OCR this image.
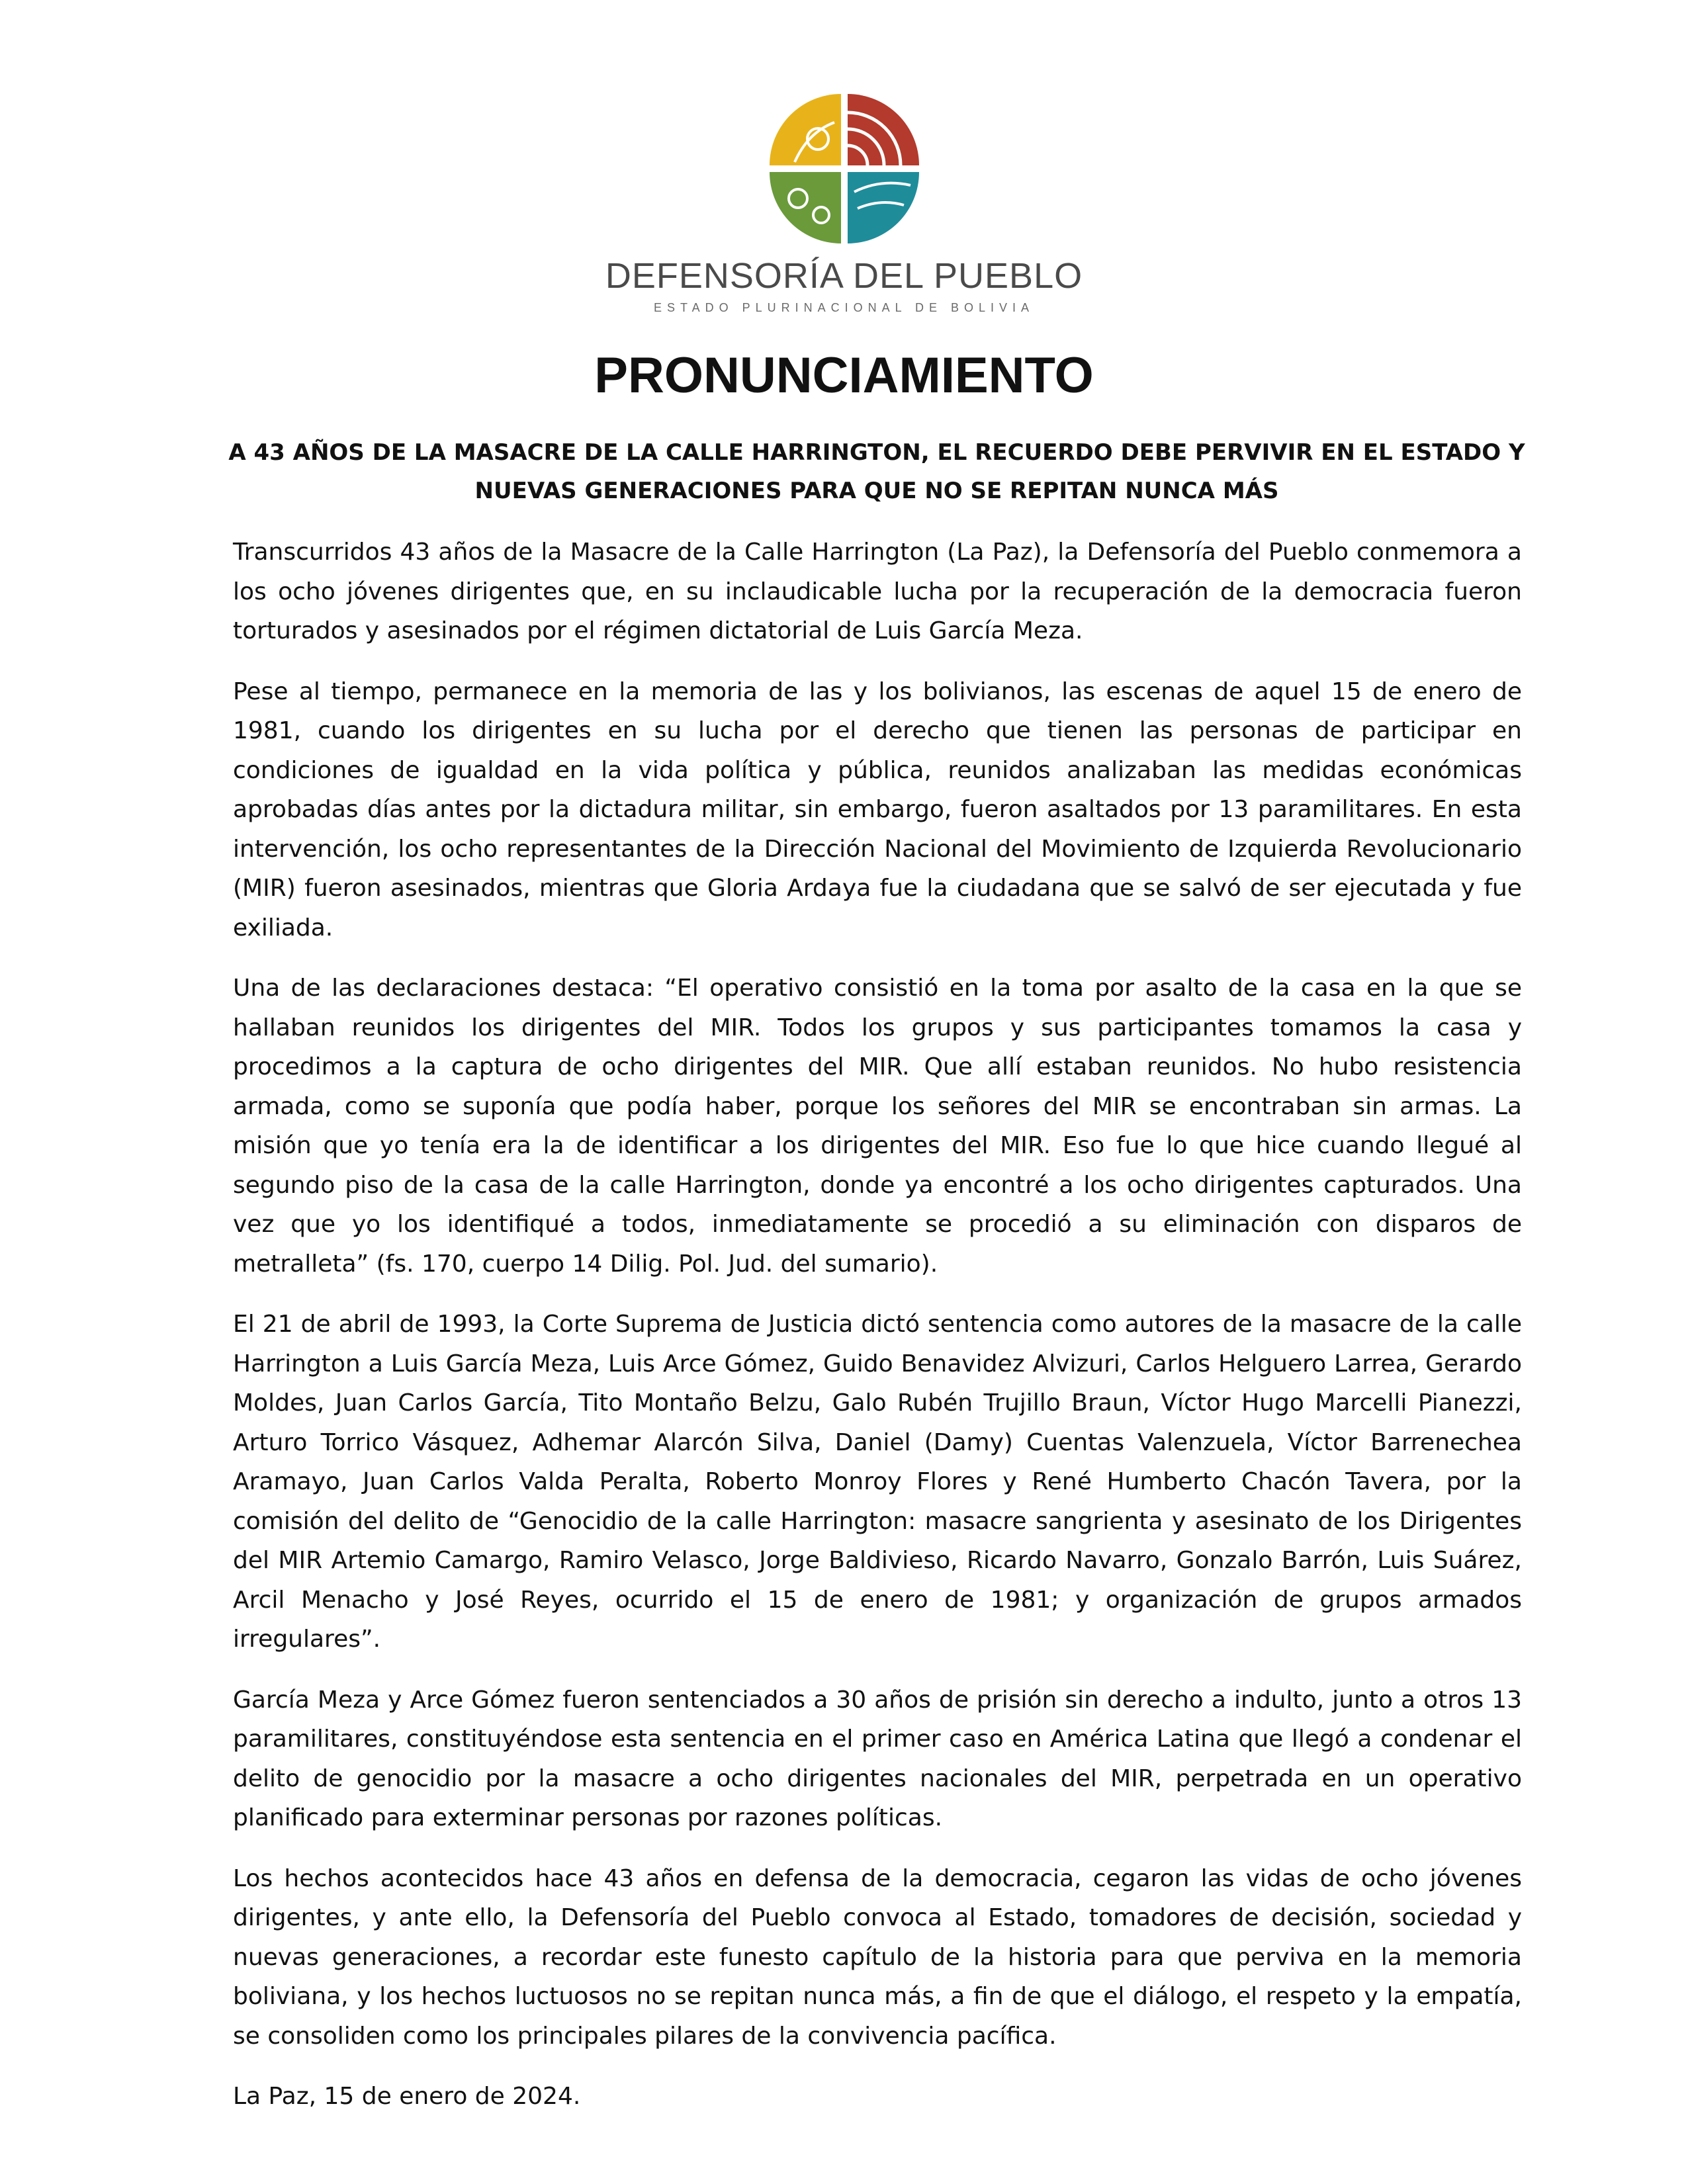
DEFENSORÍA DEL PUEBLO
ESTADO PLURINACIONAL DE BOLIVIA
PRONUNCIAMIENTO
A 43 AÑOS DE LA MASACRE DE LA CALLE HARRINGTON, EL RECUERDO DEBE PERVIVIR EN EL ESTADO Y
NUEVAS GENERACIONES PARA QUE NO SE REPITAN NUNCA MÁS

Transcurridos 43 años de la Masacre de la Calle Harrington (La Paz), la Defensoría del Pueblo conmemora a los ocho jóvenes dirigentes que, en su inclaudicable lucha por la recuperación de la democracia fueron torturados y asesinados por el régimen dictatorial de Luis García Meza.

Pese al tiempo, permanece en la memoria de las y los bolivianos, las escenas de aquel 15 de enero de 1981, cuando los dirigentes en su lucha por el derecho que tienen las personas de participar en condiciones de igualdad en la vida política y pública, reunidos analizaban las medidas económicas aprobadas días antes por la dictadura militar, sin embargo, fueron asaltados por 13 paramilitares. En esta intervención, los ocho representantes de la Dirección Nacional del Movimiento de Izquierda Revolucionario (MIR) fueron asesinados, mientras que Gloria Ardaya fue la ciudadana que se salvó de ser ejecutada y fue exiliada.

Una de las declaraciones destaca: “El operativo consistió en la toma por asalto de la casa en la que se hallaban reunidos los dirigentes del MIR. Todos los grupos y sus participantes tomamos la casa y procedimos a la captura de ocho dirigentes del MIR. Que allí estaban reunidos. No hubo resistencia armada, como se suponía que podía haber, porque los señores del MIR se encontraban sin armas. La misión que yo tenía era la de identificar a los dirigentes del MIR. Eso fue lo que hice cuando llegué al segundo piso de la casa de la calle Harrington, donde ya encontré a los ocho dirigentes capturados. Una vez que yo los identifiqué a todos, inmediatamente se procedió a su eliminación con disparos de metralleta” (fs. 170, cuerpo 14 Dilig. Pol. Jud. del sumario).

El 21 de abril de 1993, la Corte Suprema de Justicia dictó sentencia como autores de la masacre de la calle Harrington a Luis García Meza, Luis Arce Gómez, Guido Benavidez Alvizuri, Carlos Helguero Larrea, Gerardo Moldes, Juan Carlos García, Tito Montaño Belzu, Galo Rubén Trujillo Braun, Víctor Hugo Marcelli Pianezzi, Arturo Torrico Vásquez, Adhemar Alarcón Silva, Daniel (Damy) Cuentas Valenzuela, Víctor Barrenechea Aramayo, Juan Carlos Valda Peralta, Roberto Monroy Flores y René Humberto Chacón Tavera, por la comisión del delito de “Genocidio de la calle Harrington: masacre sangrienta y asesinato de los Dirigentes del MIR Artemio Camargo, Ramiro Velasco, Jorge Baldivieso, Ricardo Navarro, Gonzalo Barrón, Luis Suárez, Arcil Menacho y José Reyes, ocurrido el 15 de enero de 1981; y organización de grupos armados irregulares”.

García Meza y Arce Gómez fueron sentenciados a 30 años de prisión sin derecho a indulto, junto a otros 13 paramilitares, constituyéndose esta sentencia en el primer caso en América Latina que llegó a condenar el delito de genocidio por la masacre a ocho dirigentes nacionales del MIR, perpetrada en un operativo planificado para exterminar personas por razones políticas.

Los hechos acontecidos hace 43 años en defensa de la democracia, cegaron las vidas de ocho jóvenes dirigentes, y ante ello, la Defensoría del Pueblo convoca al Estado, tomadores de decisión, sociedad y nuevas generaciones, a recordar este funesto capítulo de la historia para que perviva en la memoria boliviana, y los hechos luctuosos no se repitan nunca más, a fin de que el diálogo, el respeto y la empatía, se consoliden como los principales pilares de la convivencia pacífica.

La Paz, 15 de enero de 2024.
